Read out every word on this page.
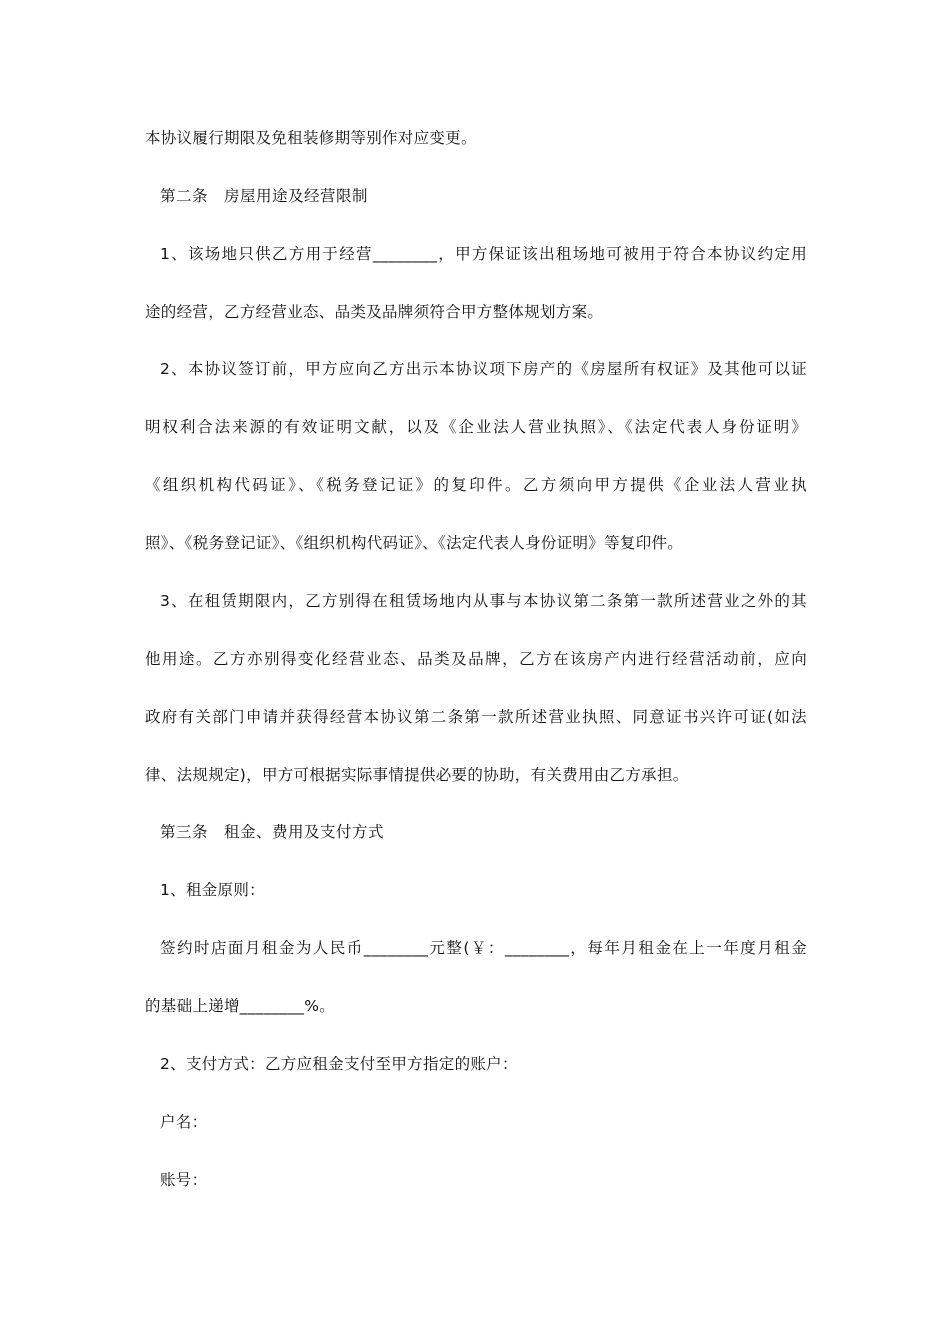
本协议履行期限及免租装修期等别作对应变更。
第二条　房屋用途及经营限制
1、该场地只供乙方用于经营________，甲方保证该出租场地可被用于符合本协议约定用
途的经营，乙方经营业态、品类及品牌须符合甲方整体规划方案。
2、本协议签订前，甲方应向乙方出示本协议项下房产的《房屋所有权证》及其他可以证
明权利合法来源的有效证明文献，以及《企业法人营业执照》、《法定代表人身份证明》
《组织机构代码证》、《税务登记证》的复印件。乙方须向甲方提供《企业法人营业执
照》、《税务登记证》、《组织机构代码证》、《法定代表人身份证明》等复印件。
3、在租赁期限内，乙方别得在租赁场地内从事与本协议第二条第一款所述营业之外的其
他用途。乙方亦别得变化经营业态、品类及品牌，乙方在该房产内进行经营活动前，应向
政府有关部门申请并获得经营本协议第二条第一款所述营业执照、同意证书兴许可证(如法
律、法规规定)，甲方可根据实际事情提供必要的协助，有关费用由乙方承担。
第三条　租金、费用及支付方式
1、租金原则：
签约时店面月租金为人民币________元整(￥：________，每年月租金在上一年度月租金
的基础上递增________%。
2、支付方式：乙方应租金支付至甲方指定的账户：
户名：
账号：
